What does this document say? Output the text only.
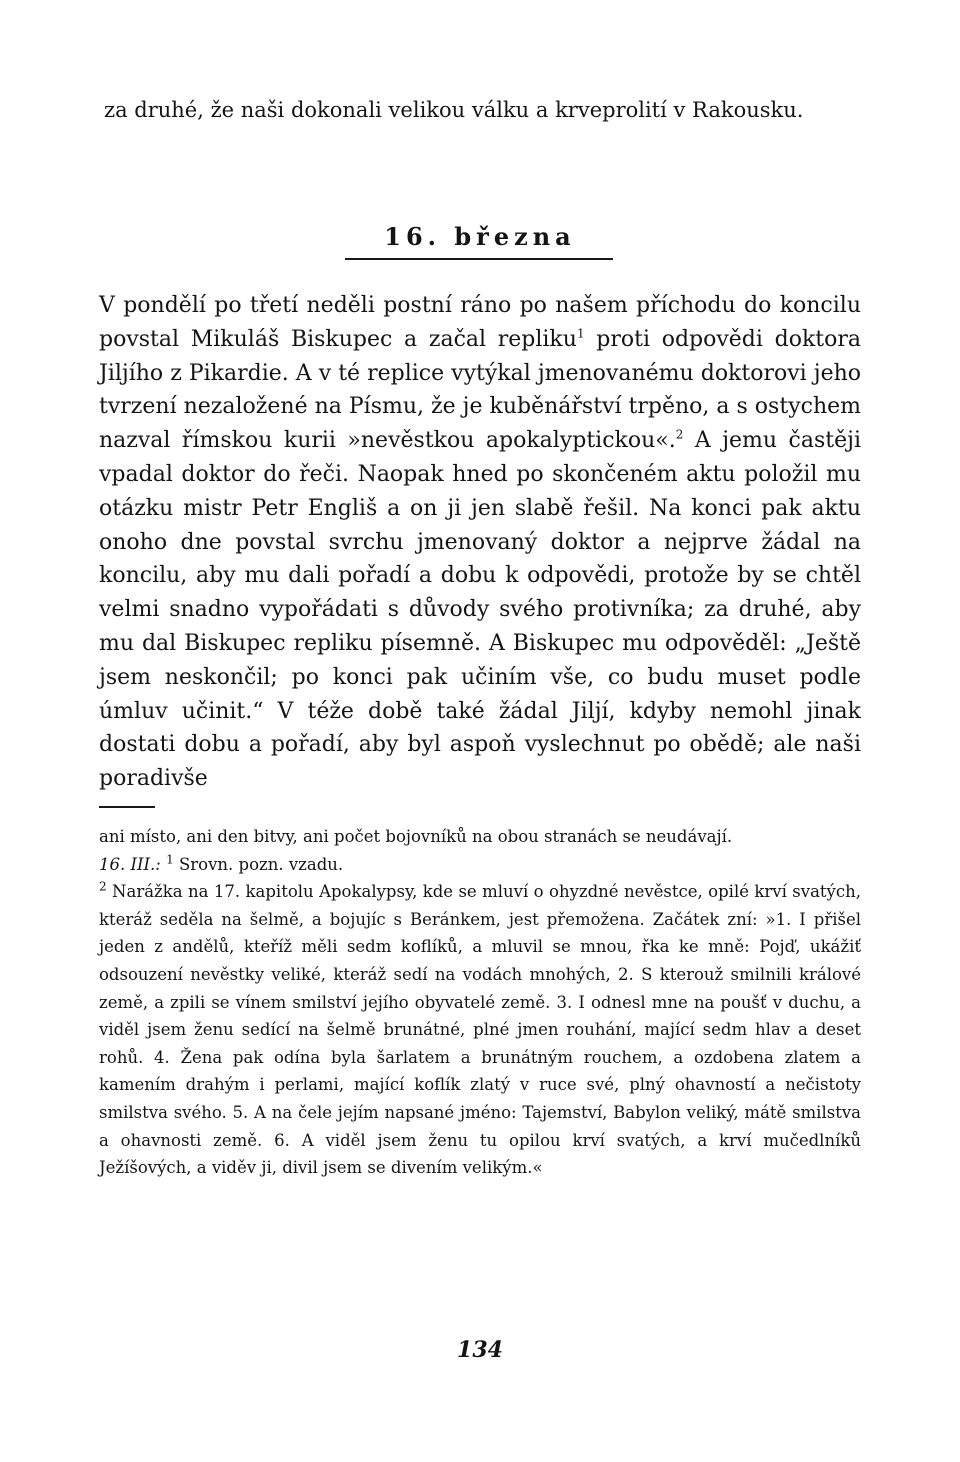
za druhé, že naši dokonali velikou válku a krveprolití v Rakousku.
16. března

V pondělí po třetí neděli postní ráno po našem příchodu do koncilu povstal Mikuláš Biskupec a začal repliku$^1$ proti odpovědi doktora Jiljího z Pikardie. A v té replice vytýkal jmenovanému doktorovi jeho tvrzení nezaložené na Písmu, že je kuběnářství trpěno, a s ostychem nazval římskou kurii »nevěstkou apokalyptickou«.$^2$ A jemu častěji vpadal doktor do řeči. Naopak hned po skončeném aktu položil mu otázku mistr Petr Engliš a on ji jen slabě řešil. Na konci pak aktu onoho dne povstal svrchu jmenovaný doktor a nejprve žádal na koncilu, aby mu dali pořadí a dobu k odpovědi, protože by se chtěl velmi snadno vypořádati s důvody svého protivníka; za druhé, aby mu dal Biskupec repliku písemně. A Biskupec mu odpověděl: „Ještě jsem neskončil; po konci pak učiním vše, co budu muset podle úmluv učinit.“ V téže době také žádal Jiljí, kdyby nemohl jinak dostati dobu a pořadí, aby byl aspoň vyslechnut po obědě; ale naši poradivše

ani místo, ani den bitvy, ani počet bojovníků na obou stranách se neudávají.

16. III.: $^1$ Srovn. pozn. vzadu.

$^2$ Narážka na 17. kapitolu Apokalypsy, kde se mluví o ohyzdné nevěstce, opilé krví svatých, kteráž seděla na šelmě, a bojujíc s Beránkem, jest přemožena. Začátek zní: »1. I přišel jeden z andělů, kteříž měli sedm koflíků, a mluvil se mnou, řka ke mně: Pojď, ukážiť odsouzení nevěstky veliké, kteráž sedí na vodách mnohých, 2. S kterouž smilnili králové země, a zpili se vínem smilství jejího obyvatelé země. 3. I odnesl mne na poušť v duchu, a viděl jsem ženu sedící na šelmě brunátné, plné jmen rouhání, mající sedm hlav a deset rohů. 4. Žena pak odína byla šarlatem a brunátným rouchem, a ozdobena zlatem a kamením drahým i perlami, mající koflík zlatý v ruce své, plný ohavností a nečistoty smilstva svého. 5. A na čele jejím napsané jméno: Tajemství, Babylon veliký, mátě smilstva a ohavnosti země. 6. A viděl jsem ženu tu opilou krví svatých, a krví mučedlníků Ježíšových, a viděv ji, divil jsem se divením velikým.«

134
